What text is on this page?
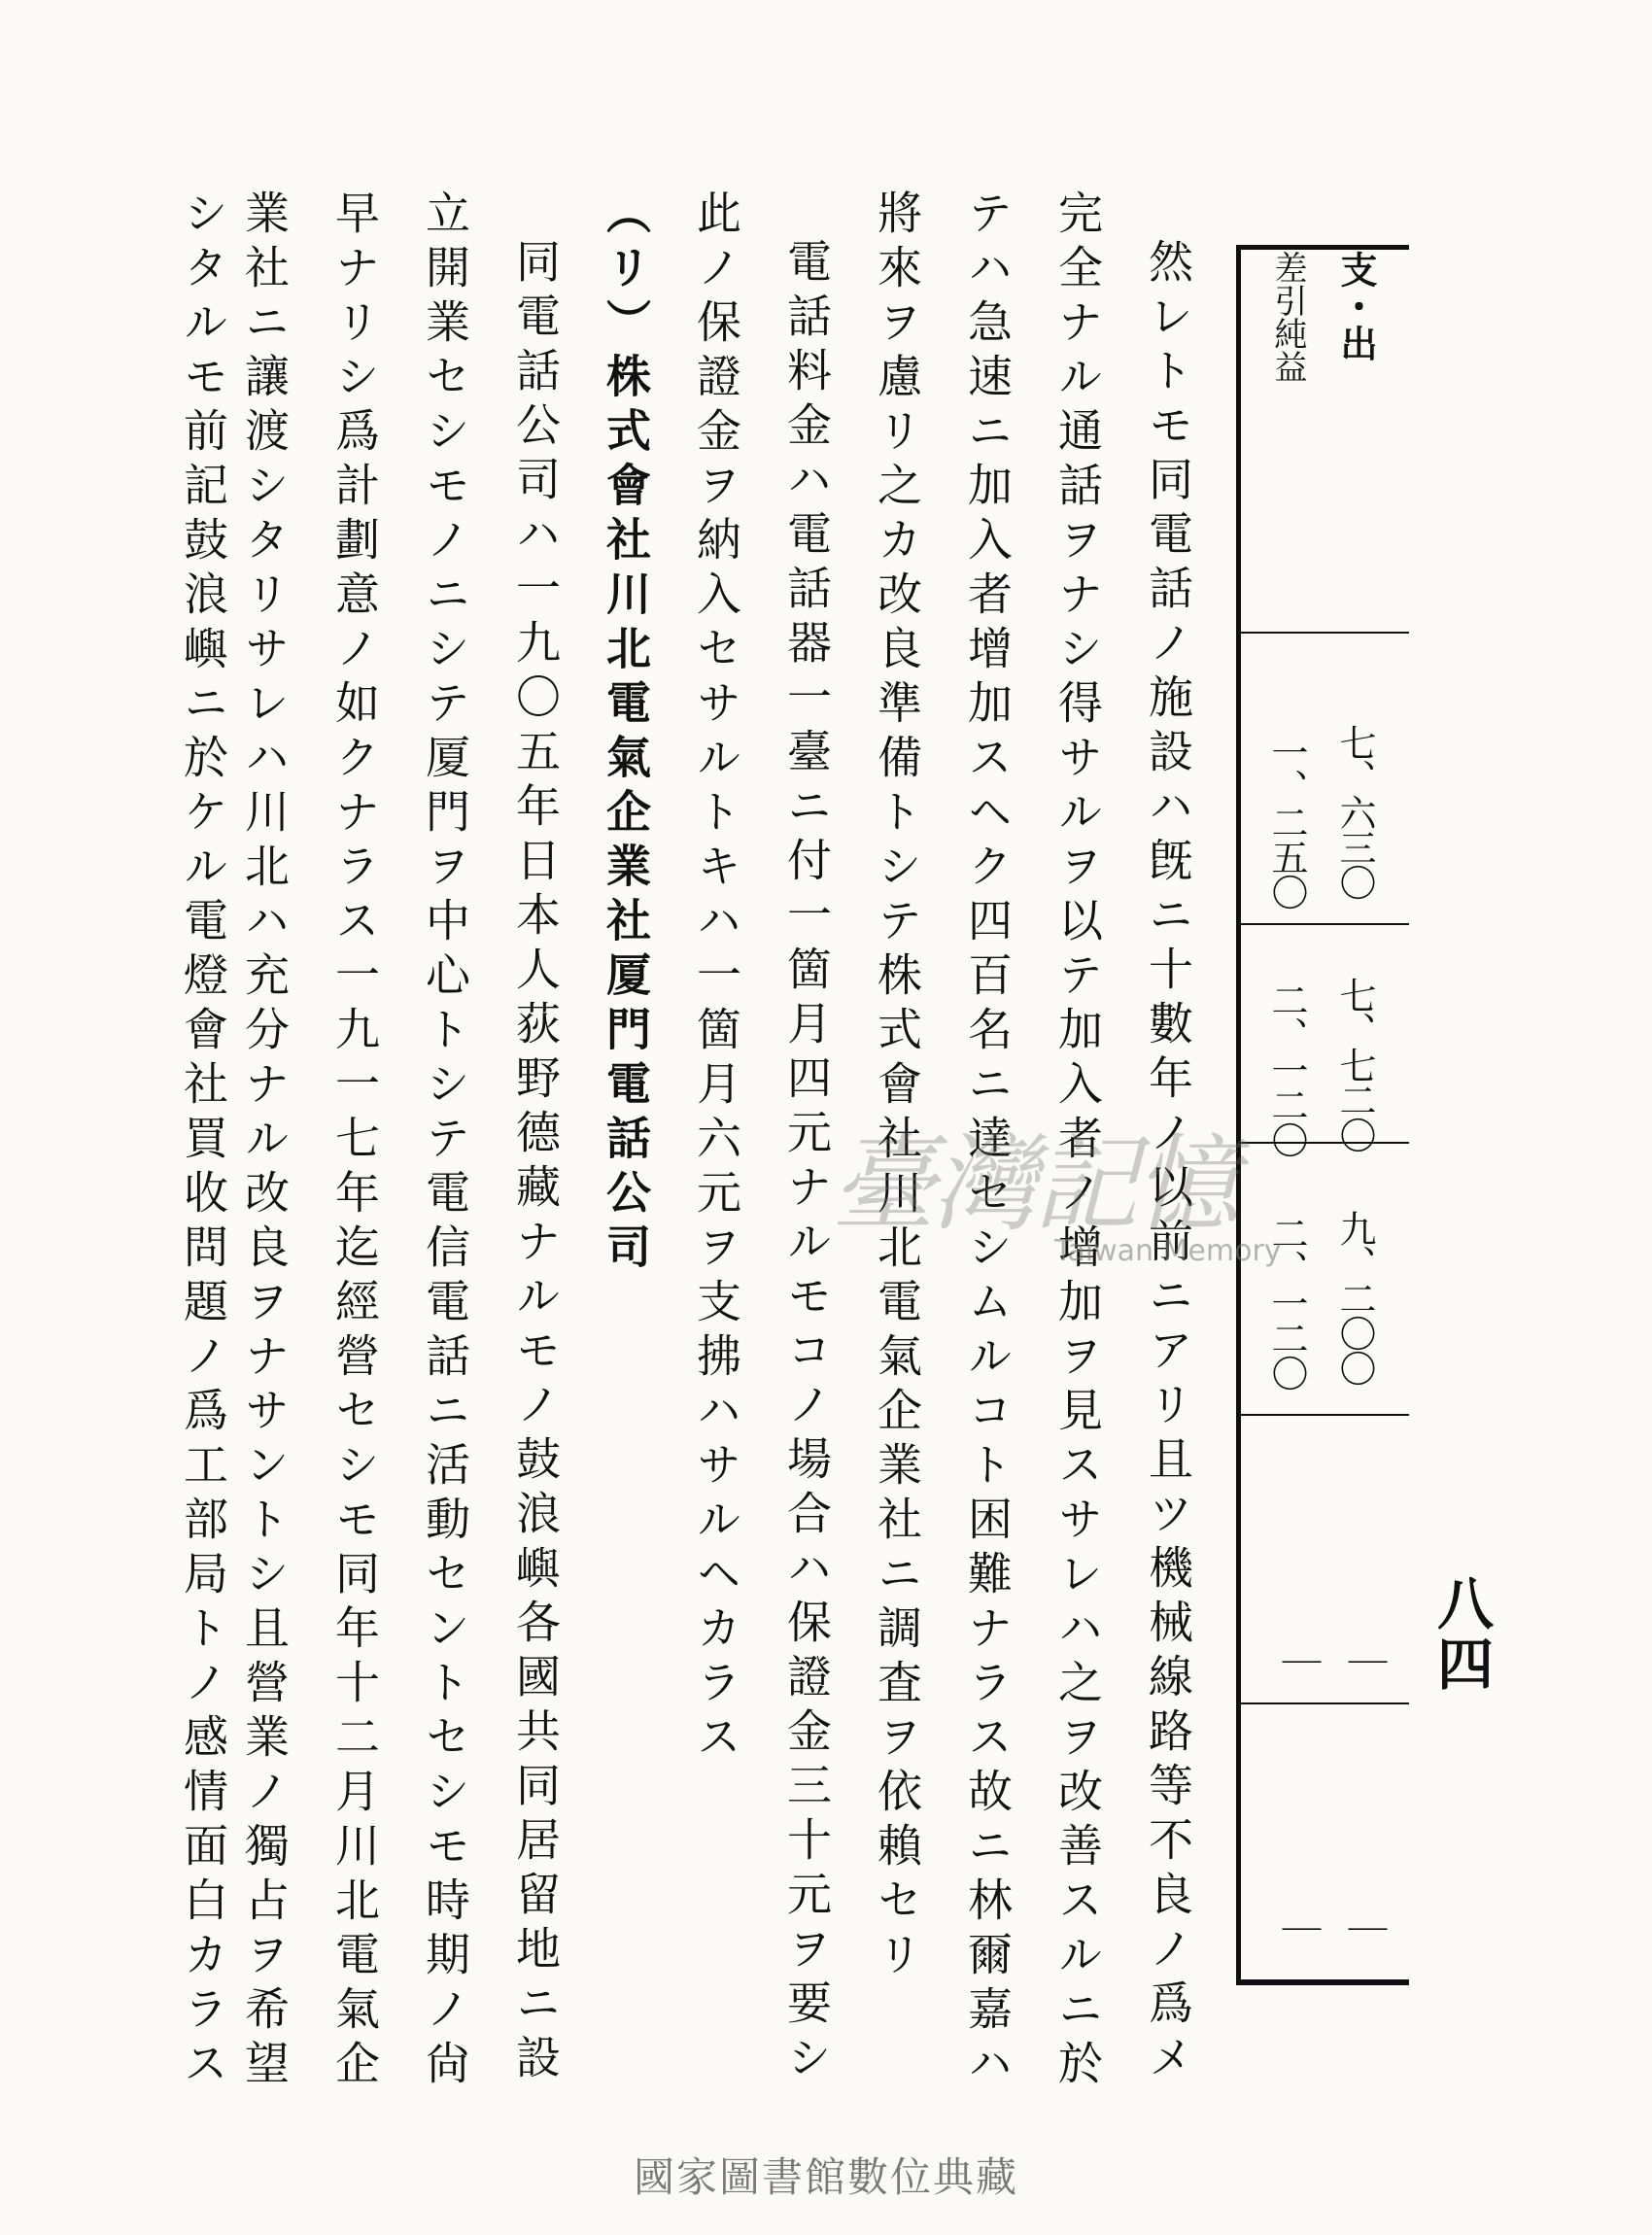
支・出
差引純益
七、六三〇
一、二五〇
七、七二〇
二、一二〇
九、二〇〇
二、一二〇
｜
｜
｜
｜
八四
然レトモ同電話ノ施設ハ旣ニ十數年ノ以前ニアリ且ツ機械線路等不良ノ爲メ
完全ナル通話ヲナシ得サルヲ以テ加入者ノ增加ヲ見スサレハ之ヲ改善スルニ於
テハ急速ニ加入者增加スヘク四百名ニ達セシムルコト困難ナラス故ニ林爾嘉ハ
將來ヲ慮リ之カ改良準備トシテ株式會社川北電氣企業社ニ調査ヲ依賴セリ
電話料金ハ電話器一臺ニ付一箇月四元ナルモコノ場合ハ保證金三十元ヲ要シ
此ノ保證金ヲ納入セサルトキハ一箇月六元ヲ支拂ハサルヘカラス
（リ）株式會社川北電氣企業社厦門電話公司
同電話公司ハ一九〇五年日本人荻野德藏ナルモノ鼓浪嶼各國共同居留地ニ設
立開業セシモノニシテ厦門ヲ中心トシテ電信電話ニ活動セントセシモ時期ノ尙
早ナリシ爲計劃意ノ如クナラス一九一七年迄經營セシモ同年十二月川北電氣企
業社ニ讓渡シタリサレハ川北ハ充分ナル改良ヲナサントシ且營業ノ獨占ヲ希望
シタルモ前記鼓浪嶼ニ於ケル電燈會社買收問題ノ爲工部局トノ感情面白カラス	臺灣記憶
Taiwan Memory
國家圖書館數位典藏
